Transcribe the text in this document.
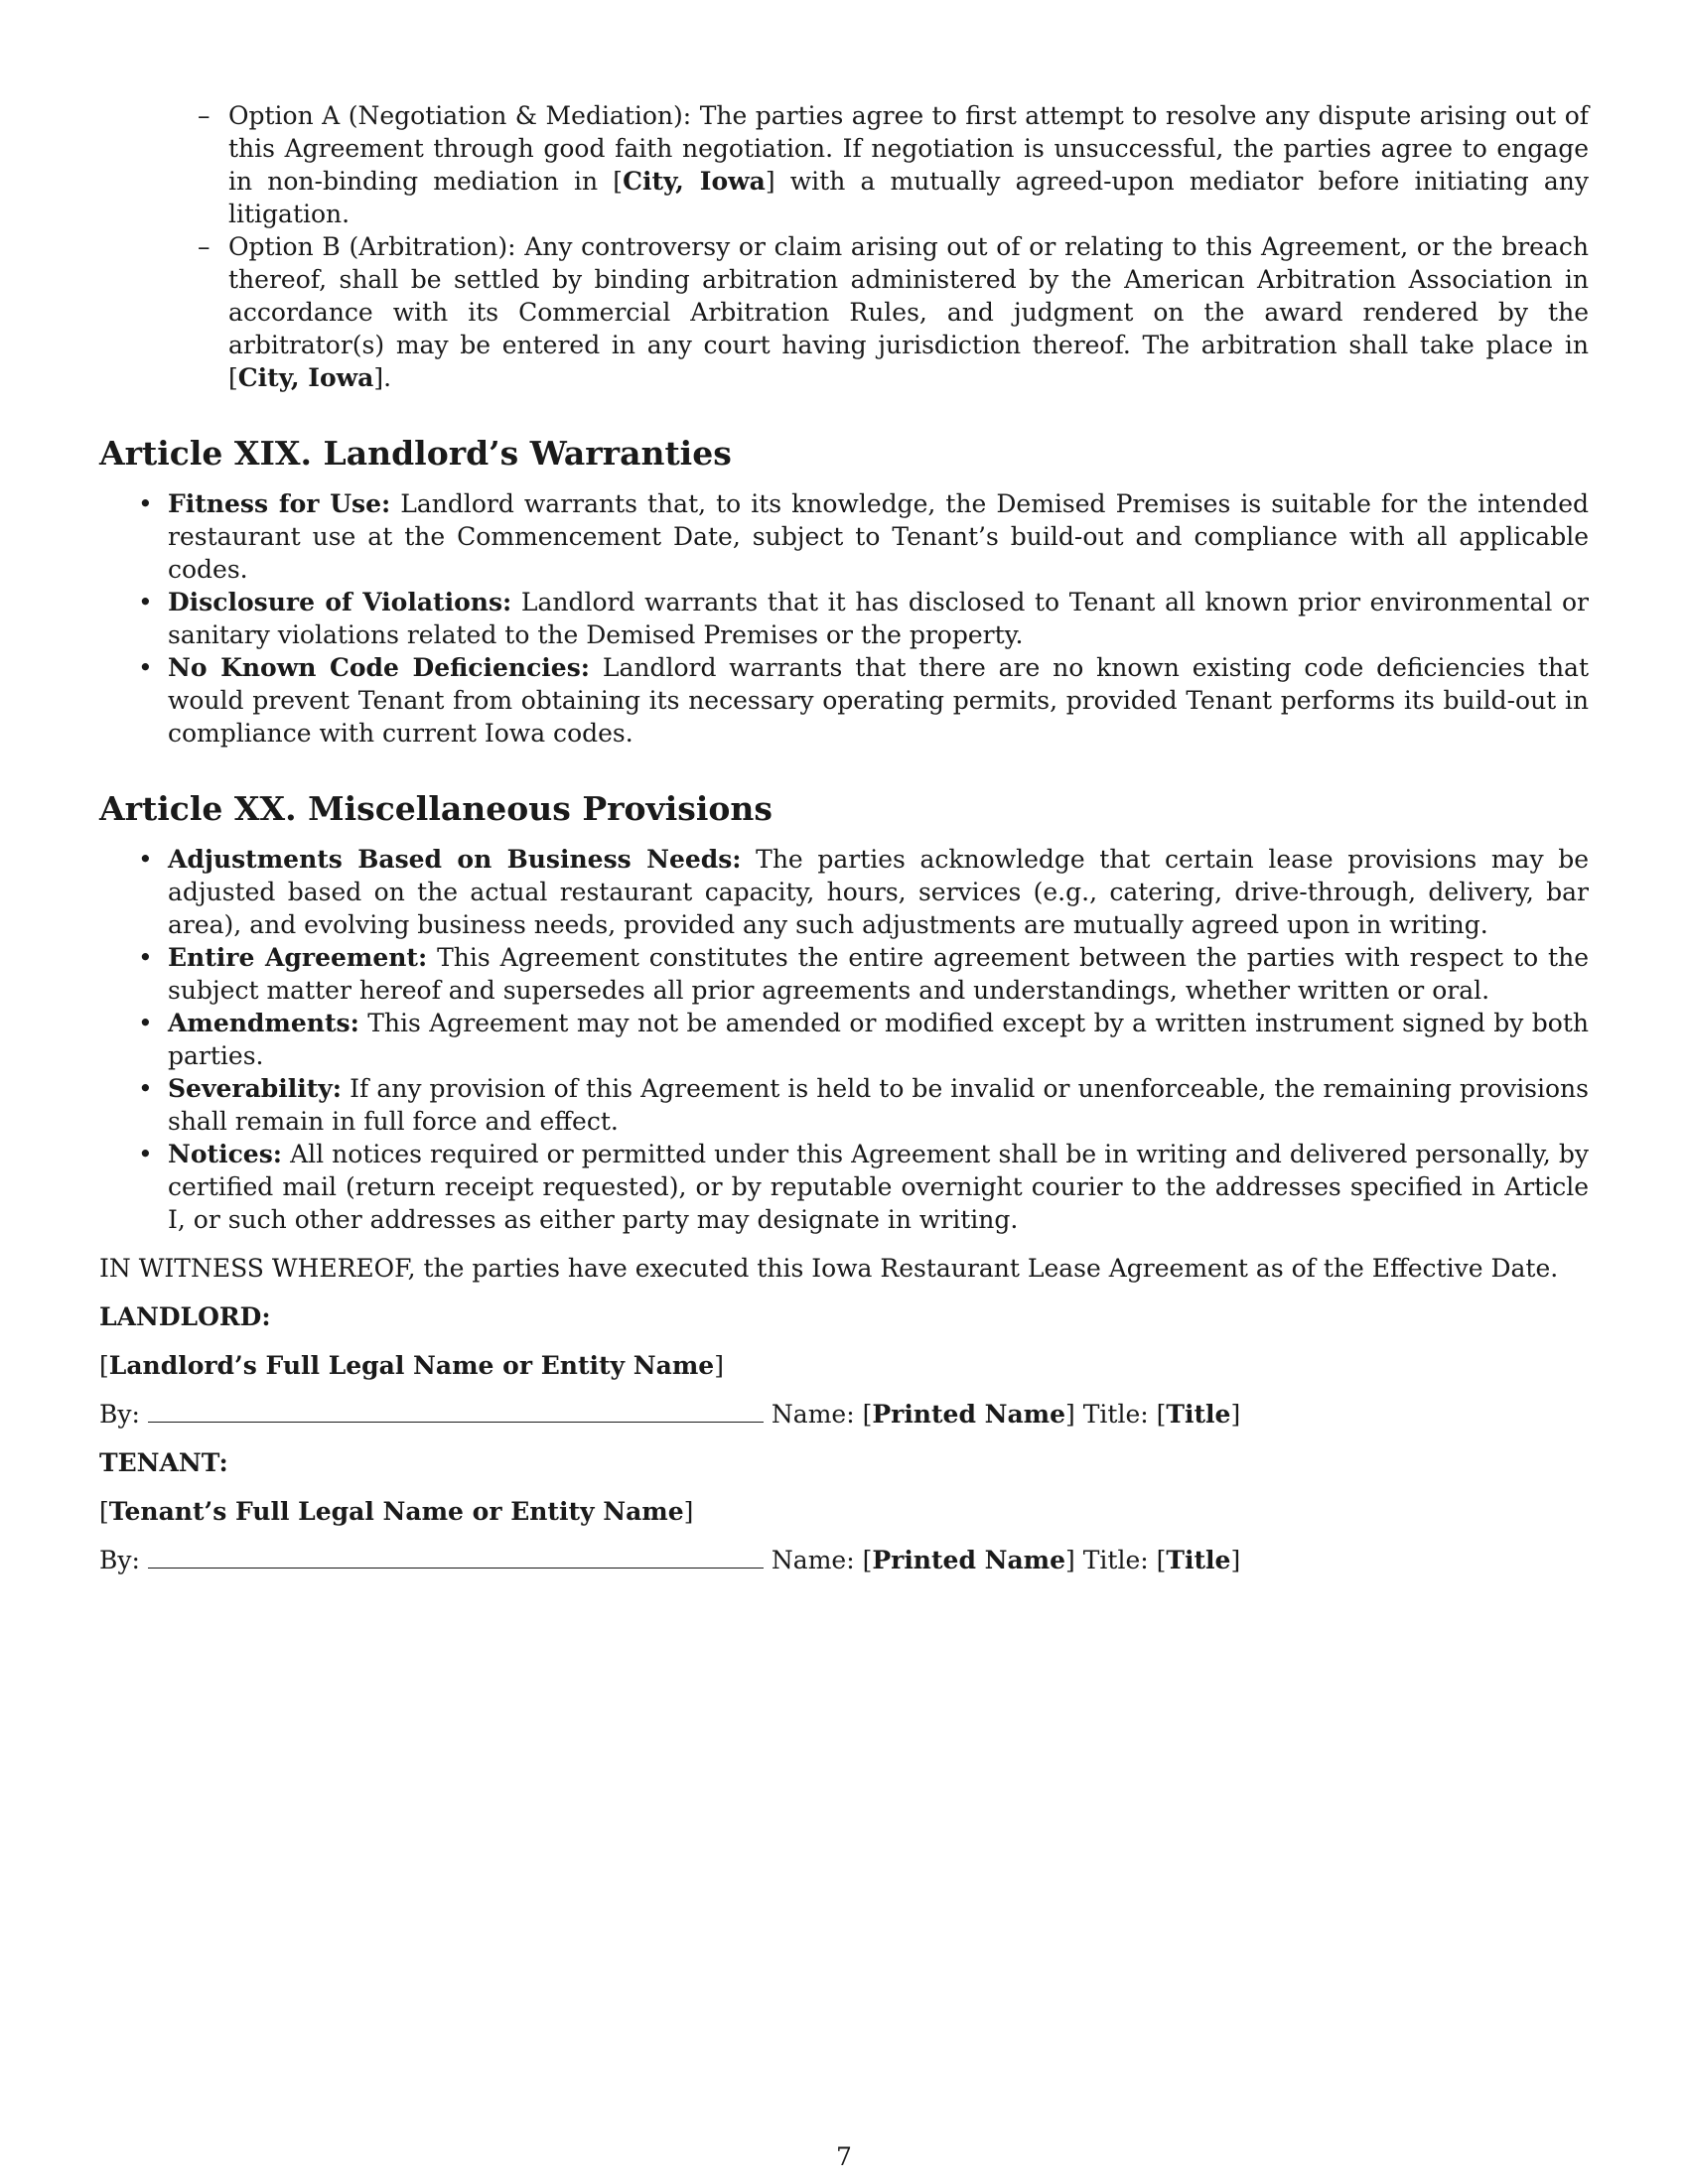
– Option A (Negotiation & Mediation): The parties agree to first attempt to resolve any dispute arising out of this Agreement through good faith negotiation. If negotiation is unsuccessful, the parties agree to engage in non-binding mediation in [City, Iowa] with a mutually agreed-upon mediator before initiating any litigation.
– Option B (Arbitration): Any controversy or claim arising out of or relating to this Agreement, or the breach thereof, shall be settled by binding arbitration administered by the American Arbitration Association in accordance with its Commercial Arbitration Rules, and judgment on the award rendered by the arbitrator(s) may be entered in any court having jurisdiction thereof. The arbitration shall take place in [City, Iowa].
Article XIX. Landlord’s Warranties
• Fitness for Use: Landlord warrants that, to its knowledge, the Demised Premises is suitable for the intended restaurant use at the Commencement Date, subject to Tenant’s build-out and compliance with all applicable codes.
• Disclosure of Violations: Landlord warrants that it has disclosed to Tenant all known prior environmental or sanitary violations related to the Demised Premises or the property.
• No Known Code Deficiencies: Landlord warrants that there are no known existing code deficiencies that would prevent Tenant from obtaining its necessary operating permits, provided Tenant performs its build-out in compliance with current Iowa codes.
Article XX. Miscellaneous Provisions
• Adjustments Based on Business Needs: The parties acknowledge that certain lease provisions may be adjusted based on the actual restaurant capacity, hours, services (e.g., catering, drive-through, delivery, bar area), and evolving business needs, provided any such adjustments are mutually agreed upon in writing.
• Entire Agreement: This Agreement constitutes the entire agreement between the parties with respect to the subject matter hereof and supersedes all prior agreements and understandings, whether written or oral.
• Amendments: This Agreement may not be amended or modified except by a written instrument signed by both parties.
• Severability: If any provision of this Agreement is held to be invalid or unenforceable, the remaining provisions shall remain in full force and effect.
• Notices: All notices required or permitted under this Agreement shall be in writing and delivered personally, by certified mail (return receipt requested), or by reputable overnight courier to the addresses specified in Article I, or such other addresses as either party may designate in writing.

IN WITNESS WHEREOF, the parties have executed this Iowa Restaurant Lease Agreement as of the Effective Date.

LANDLORD:

[Landlord’s Full Legal Name or Entity Name]

By:	Name: [Printed Name] Title: [Title]

TENANT:

[Tenant’s Full Legal Name or Entity Name]

By:	Name: [Printed Name] Title: [Title]

7
